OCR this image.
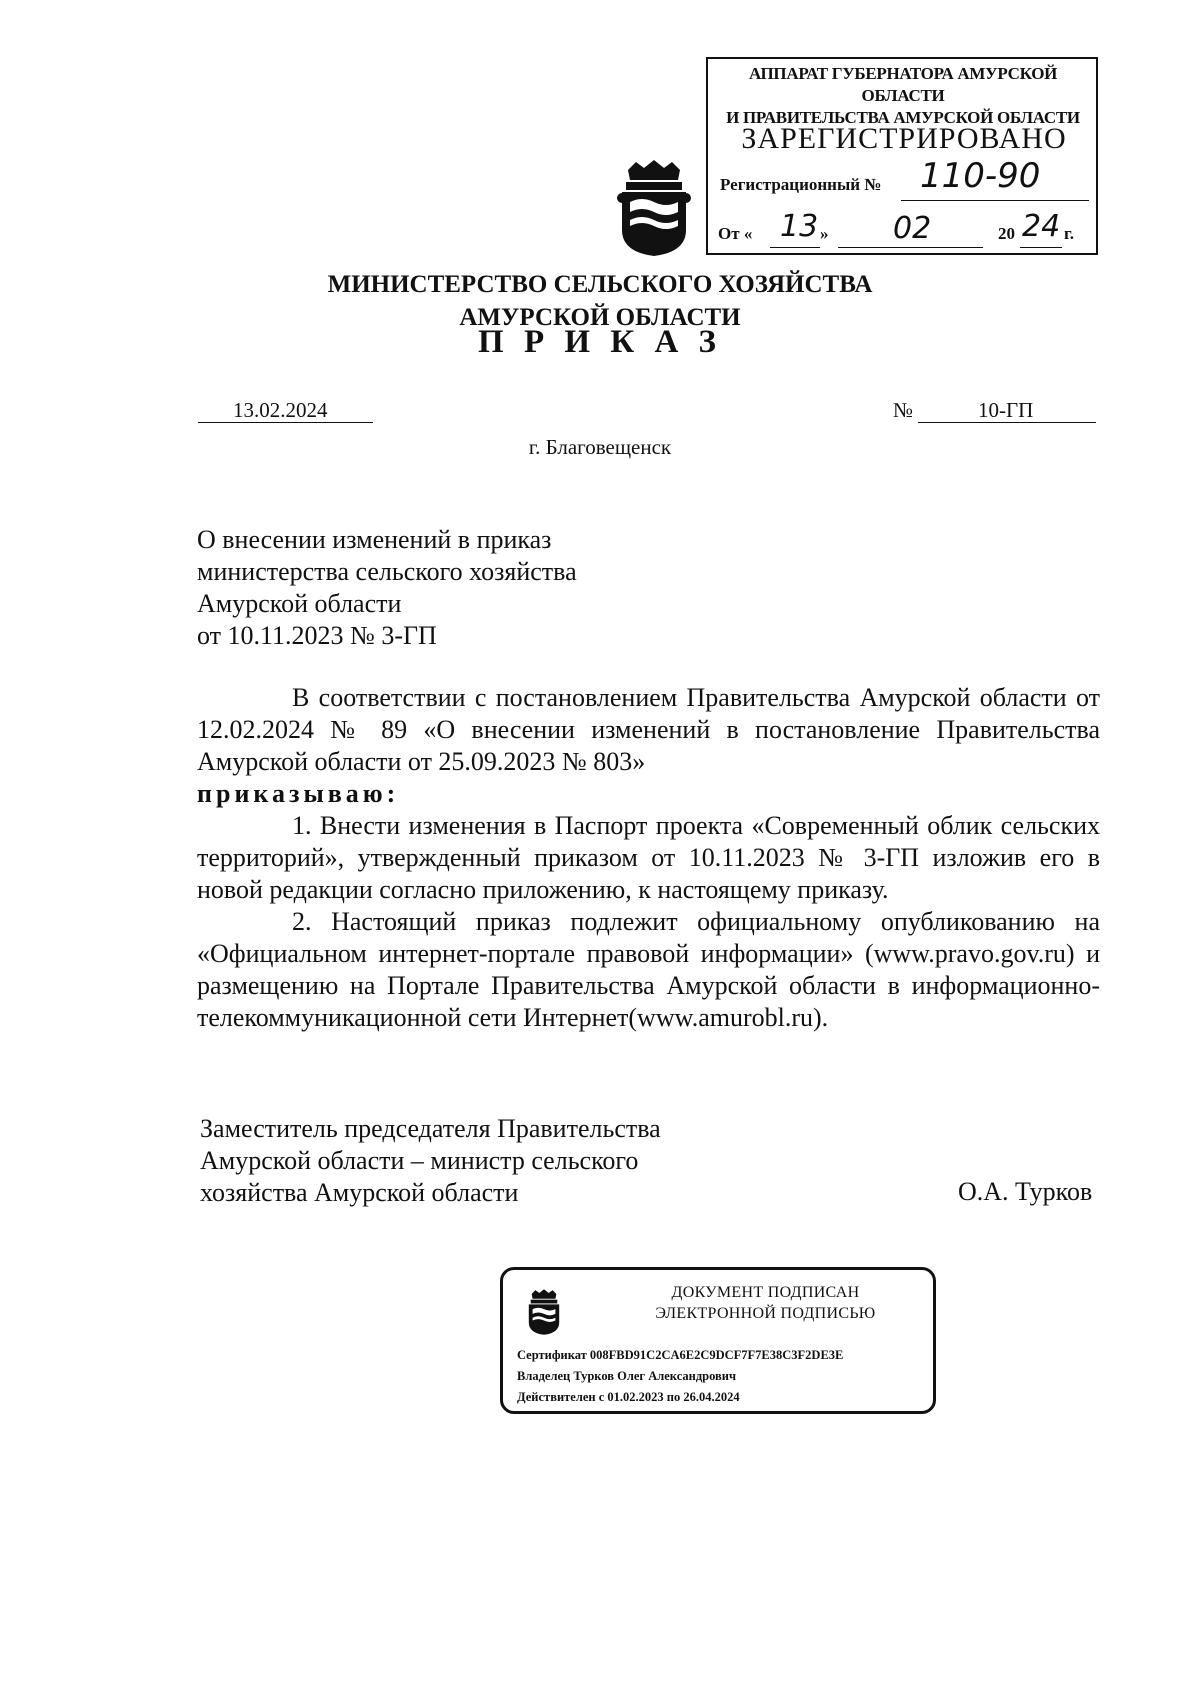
АППАРАТ ГУБЕРНАТОРА АМУРСКОЙ ОБЛАСТИ
И ПРАВИТЕЛЬСТВА АМУРСКОЙ ОБЛАСТИ
ЗАРЕГИСТРИРОВАНО
Регистрационный № 110-90
От « 13 » 02	20 24 г.
МИНИСТЕРСТВО СЕЛЬСКОГО ХОЗЯЙСТВА
АМУРСКОЙ ОБЛАСТИ
П Р И К А З
13.02.2024	№	10-ГП
г. Благовещенск
О внесении изменений в приказ
министерства сельского хозяйства
Амурской области
от 10.11.2023 № 3-ГП
В соответствии с постановлением Правительства Амурской области от 12.02.2024 № 89 «О внесении изменений в постановление Правительства Амурской области от 25.09.2023 № 803»
приказываю:
1. Внести изменения в Паспорт проекта «Современный облик сельских территорий», утвержденный приказом от 10.11.2023 № 3-ГП изложив его в новой редакции согласно приложению, к настоящему приказу.
2. Настоящий приказ подлежит официальному опубликованию на «Официальном интернет-портале правовой информации» (www.pravo.gov.ru) и размещению на Портале Правительства Амурской области в информационно-телекоммуникационной сети Интернет(www.amurobl.ru).
Заместитель председателя Правительства
Амурской области – министр сельского
хозяйства Амурской области	О.А. Турков
ДОКУМЕНТ ПОДПИСАН
ЭЛЕКТРОННОЙ ПОДПИСЬЮ
Сертификат 008FBD91C2CA6E2C9DCF7F7E38C3F2DE3E
Владелец Турков Олег Александрович
Действителен с 01.02.2023 по 26.04.2024
